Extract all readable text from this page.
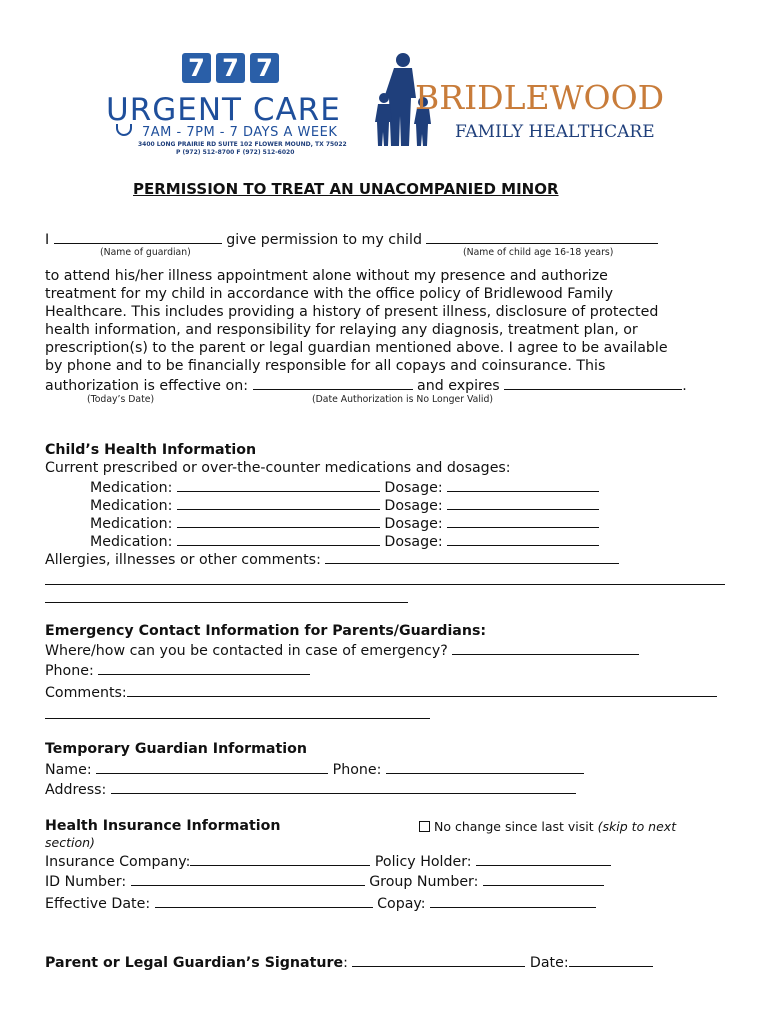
7 7 7
URGENT CARE
7AM - 7PM - 7 DAYS A WEEK
3400 LONG PRAIRIE RD SUITE 102 FLOWER MOUND, TX 75022
P (972) 512-8700 F (972) 512-6020
BRIDLEWOOD
FAMILY HEALTHCARE
PERMISSION TO TREAT AN UNACOMPANIED MINOR
I	give permission to my child
(Name of guardian)	(Name of child age 16-18 years)
to attend his/her illness appointment alone without my presence and authorize
treatment for my child in accordance with the office policy of Bridlewood Family
Healthcare. This includes providing a history of present illness, disclosure of protected
health information, and responsibility for relaying any diagnosis, treatment plan, or
prescription(s) to the parent or legal guardian mentioned above. I agree to be available
by phone and to be financially responsible for all copays and coinsurance. This
authorization is effective on:	and expires	.
(Today’s Date)	(Date Authorization is No Longer Valid)
Child’s Health Information
Current prescribed or over-the-counter medications and dosages:
Medication:	Dosage:
Medication:	Dosage:
Medication:	Dosage:
Medication:	Dosage:
Allergies, illnesses or other comments:
Emergency Contact Information for Parents/Guardians:
Where/how can you be contacted in case of emergency?
Phone:
Comments:
Temporary Guardian Information
Name:	Phone:
Address:
Health Insurance Information	No change since last visit (skip to next
section)
Insurance Company:	Policy Holder:
ID Number:	Group Number:
Effective Date:	Copay:
Parent or Legal Guardian’s Signature:	Date:
